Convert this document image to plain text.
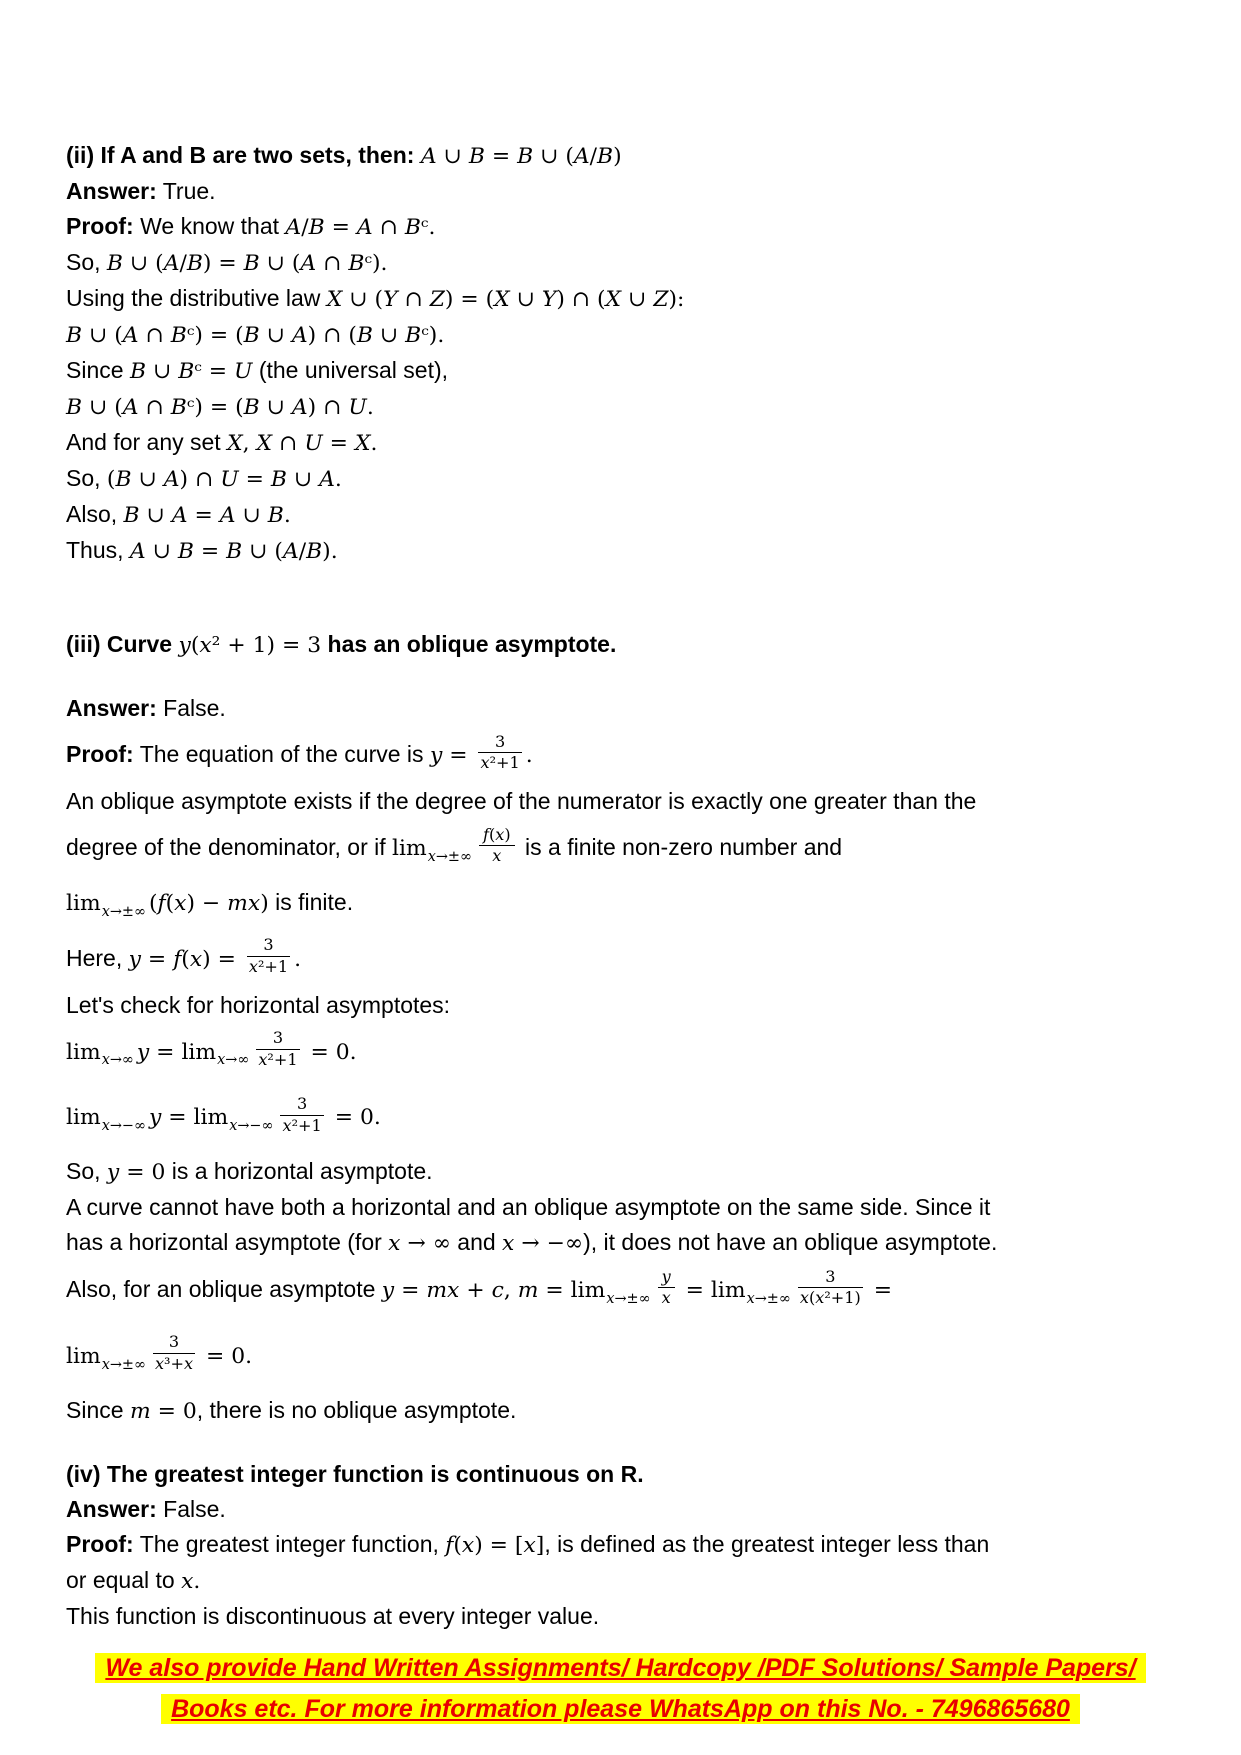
(ii) If A and B are two sets, then: A ∪ B = B ∪ (A/B)
Answer: True.
Proof: We know that A/B = A ∩ Bᶜ.
So, B ∪ (A/B) = B ∪ (A ∩ Bᶜ).
Using the distributive law X ∪ (Y ∩ Z) = (X ∪ Y) ∩ (X ∪ Z):
B ∪ (A ∩ Bᶜ) = (B ∪ A) ∩ (B ∪ Bᶜ).
Since B ∪ Bᶜ = U (the universal set),
B ∪ (A ∩ Bᶜ) = (B ∪ A) ∩ U.
And for any set X, X ∩ U = X.
So, (B ∪ A) ∩ U = B ∪ A.
Also, B ∪ A = A ∪ B.
Thus, A ∪ B = B ∪ (A/B).
(iii) Curve y(x² + 1) = 3 has an oblique asymptote.
Answer: False.
Proof: The equation of the curve is $y = \frac{3}{\text{x²+1}}$ .
An oblique asymptote exists if the degree of the numerator is exactly one greater than the
degree of the denominator, or if $\lim_{x\to\pm\infty} \frac{f(x)}{x}$ is a finite non-zero number and
$\lim_{x\to\pm\infty} (f(x) - mx)$ is finite.
Here, $y = f(x) = \frac{3}{\text{x²+1}}$ .
Let's check for horizontal asymptotes:
$\lim_{x\to\infty} y = \lim_{x\to\infty} \frac{3}{\text{x²+1}} = 0$.
$\lim_{x\to-\infty} y = \lim_{x\to-\infty} \frac{3}{\text{x²+1}} = 0$.
So, y = 0 is a horizontal asymptote.
A curve cannot have both a horizontal and an oblique asymptote on the same side. Since it
has a horizontal asymptote (for x → ∞ and x → −∞), it does not have an oblique asymptote.
Also, for an oblique asymptote y = mx + c, $m = \lim_{x\to\pm\infty} \frac{y}{x} = \lim_{x\to\pm\infty} \frac{3}{\text{x(x²+1)}}$ =
$\lim_{x\to\pm\infty} \frac{3}{\text{x³+x}} = 0$.
Since m = 0, there is no oblique asymptote.
(iv) The greatest integer function is continuous on R.
Answer: False.
Proof: The greatest integer function, f(x) = [x], is defined as the greatest integer less than
or equal to x.
This function is discontinuous at every integer value.
We also provide Hand Written Assignments/ Hardcopy /PDF Solutions/ Sample Papers/
Books etc. For more information please WhatsApp on this No. - 7496865680
